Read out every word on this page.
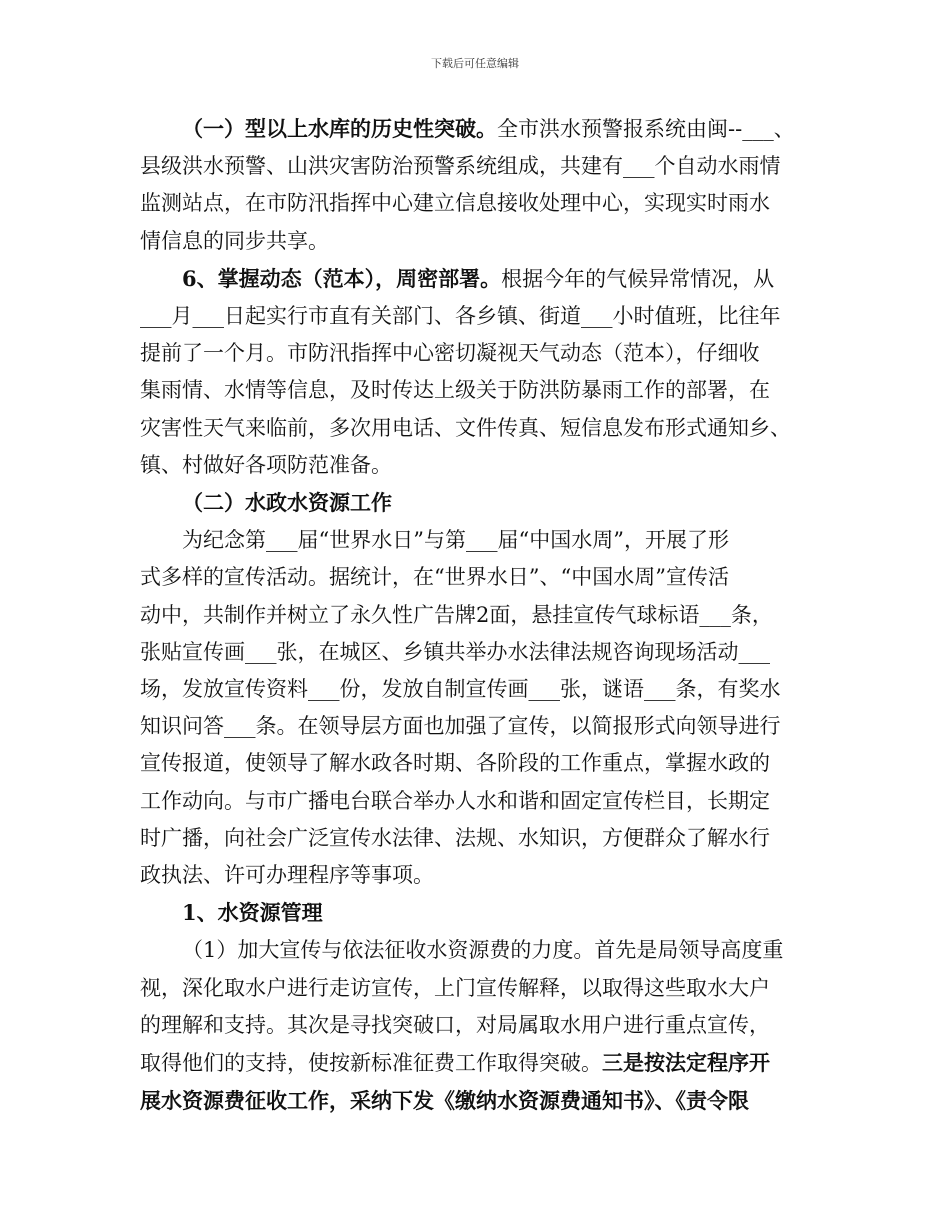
下载后可任意编辑
（一）型以上水库的历史性突破。全市洪水预警报系统由闽--___、
县级洪水预警、山洪灾害防治预警系统组成，共建有___个自动水雨情
监测站点，在市防汛指挥中心建立信息接收处理中心，实现实时雨水
情信息的同步共享。
6、掌握动态（范本），周密部署。根据今年的气候异常情况，从
___月___日起实行市直有关部门、各乡镇、街道___小时值班，比往年
提前了一个月。市防汛指挥中心密切凝视天气动态（范本），仔细收
集雨情、水情等信息，及时传达上级关于防洪防暴雨工作的部署，在
灾害性天气来临前，多次用电话、文件传真、短信息发布形式通知乡、
镇、村做好各项防范准备。
（二）水政水资源工作
为纪念第___届“世界水日”与第___届“中国水周”，开展了形
式多样的宣传活动。据统计，在“世界水日”、“中国水周”宣传活
动中，共制作并树立了永久性广告牌2面，悬挂宣传气球标语___条，
张贴宣传画___张，在城区、乡镇共举办水法律法规咨询现场活动___
场，发放宣传资料___份，发放自制宣传画___张，谜语___条，有奖水
知识问答___条。在领导层方面也加强了宣传，以简报形式向领导进行
宣传报道，使领导了解水政各时期、各阶段的工作重点，掌握水政的
工作动向。与市广播电台联合举办人水和谐和固定宣传栏目，长期定
时广播，向社会广泛宣传水法律、法规、水知识，方便群众了解水行
政执法、许可办理程序等事项。
1、水资源管理
（1）加大宣传与依法征收水资源费的力度。首先是局领导高度重
视，深化取水户进行走访宣传，上门宣传解释，以取得这些取水大户
的理解和支持。其次是寻找突破口，对局属取水用户进行重点宣传，
取得他们的支持，使按新标准征费工作取得突破。三是按法定程序开
展水资源费征收工作，采纳下发《缴纳水资源费通知书》、《责令限
